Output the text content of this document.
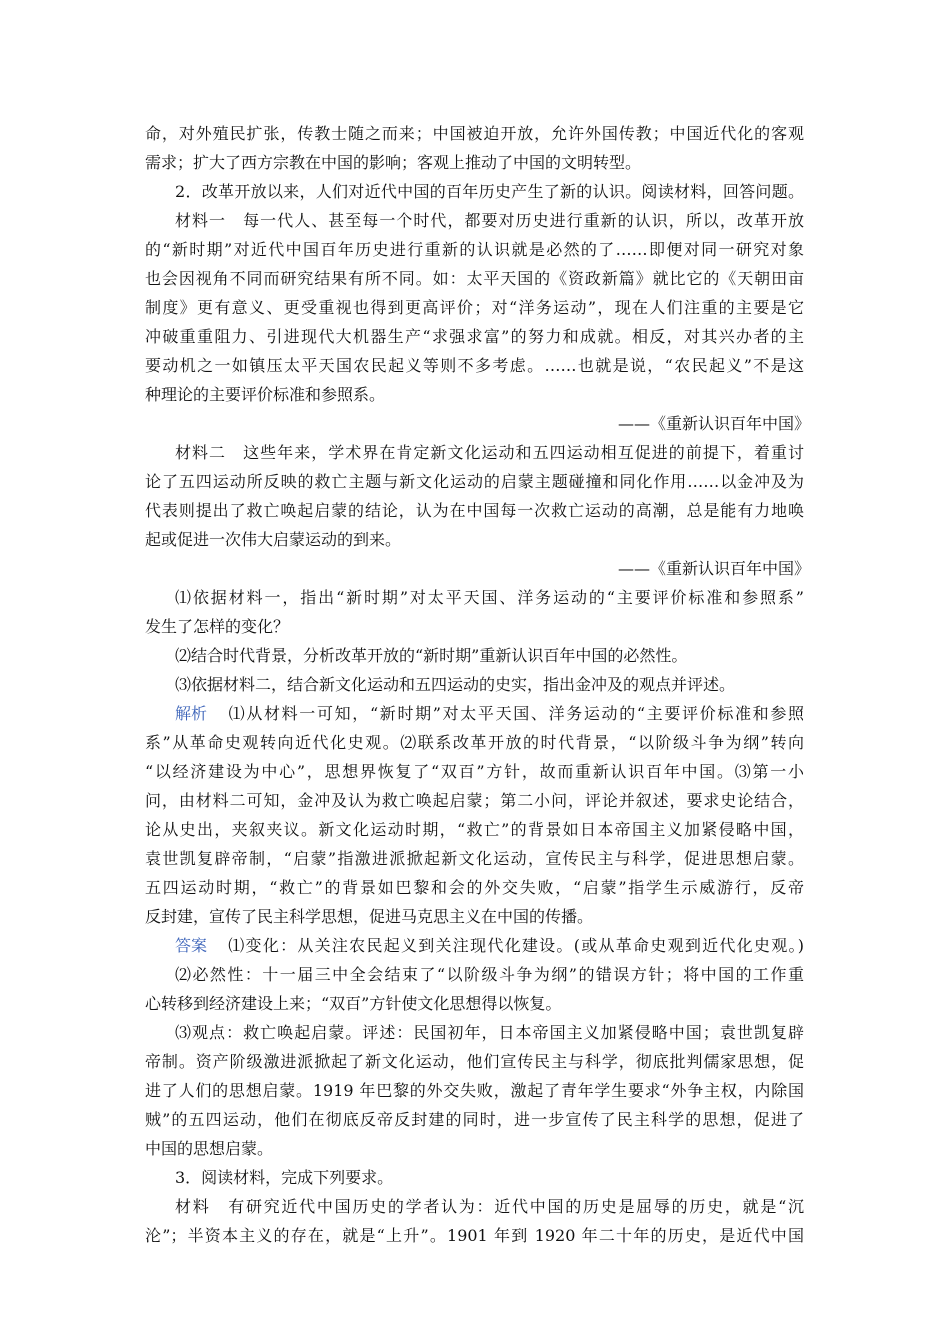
命，对外殖民扩张，传教士随之而来；中国被迫开放，允许外国传教；中国近代化的客观
需求；扩大了西方宗教在中国的影响；客观上推动了中国的文明转型。
2．改革开放以来，人们对近代中国的百年历史产生了新的认识。阅读材料，回答问题。
材料一　每一代人、甚至每一个时代，都要对历史进行重新的认识，所以，改革开放
的“新时期”对近代中国百年历史进行重新的认识就是必然的了……即便对同一研究对象
也会因视角不同而研究结果有所不同。如：太平天国的《资政新篇》就比它的《天朝田亩
制度》更有意义、更受重视也得到更高评价；对“洋务运动”，现在人们注重的主要是它
冲破重重阻力、引进现代大机器生产“求强求富”的努力和成就。相反，对其兴办者的主
要动机之一如镇压太平天国农民起义等则不多考虑。……也就是说，“农民起义”不是这
种理论的主要评价标准和参照系。
——《重新认识百年中国》
材料二　这些年来，学术界在肯定新文化运动和五四运动相互促进的前提下，着重讨
论了五四运动所反映的救亡主题与新文化运动的启蒙主题碰撞和同化作用……以金冲及为
代表则提出了救亡唤起启蒙的结论，认为在中国每一次救亡运动的高潮，总是能有力地唤
起或促进一次伟大启蒙运动的到来。
——《重新认识百年中国》
⑴依据材料一，指出“新时期”对太平天国、洋务运动的“主要评价标准和参照系”
发生了怎样的变化？
⑵结合时代背景，分析改革开放的“新时期”重新认识百年中国的必然性。
⑶依据材料二，结合新文化运动和五四运动的史实，指出金冲及的观点并评述。
解析 　⑴从材料一可知，“新时期”对太平天国、洋务运动的“主要评价标准和参照
系”从革命史观转向近代化史观。⑵联系改革开放的时代背景，“以阶级斗争为纲”转向
“以经济建设为中心”，思想界恢复了“双百”方针，故而重新认识百年中国。⑶第一小
问，由材料二可知，金冲及认为救亡唤起启蒙；第二小问，评论并叙述，要求史论结合，
论从史出，夹叙夹议。新文化运动时期，“救亡”的背景如日本帝国主义加紧侵略中国，
袁世凯复辟帝制，“启蒙”指激进派掀起新文化运动，宣传民主与科学，促进思想启蒙。
五四运动时期，“救亡”的背景如巴黎和会的外交失败，“启蒙”指学生示威游行，反帝
反封建，宣传了民主科学思想，促进马克思主义在中国的传播。
答案 　⑴变化：从关注农民起义到关注现代化建设。(或从革命史观到近代化史观。)
⑵必然性：十一届三中全会结束了“以阶级斗争为纲”的错误方针；将中国的工作重
心转移到经济建设上来；“双百”方针使文化思想得以恢复。
⑶观点：救亡唤起启蒙。评述：民国初年，日本帝国主义加紧侵略中国；袁世凯复辟
帝制。资产阶级激进派掀起了新文化运动，他们宣传民主与科学，彻底批判儒家思想，促
进了人们的思想启蒙。1919 年巴黎的外交失败，激起了青年学生要求“外争主权，内除国
贼”的五四运动，他们在彻底反帝反封建的同时，进一步宣传了民主科学的思想，促进了
中国的思想启蒙。
3．阅读材料，完成下列要求。
材料　有研究近代中国历史的学者认为：近代中国的历史是屈辱的历史，就是“沉
沦”；半资本主义的存在，就是“上升”。1901 年到 1920 年二十年的历史，是近代中国
